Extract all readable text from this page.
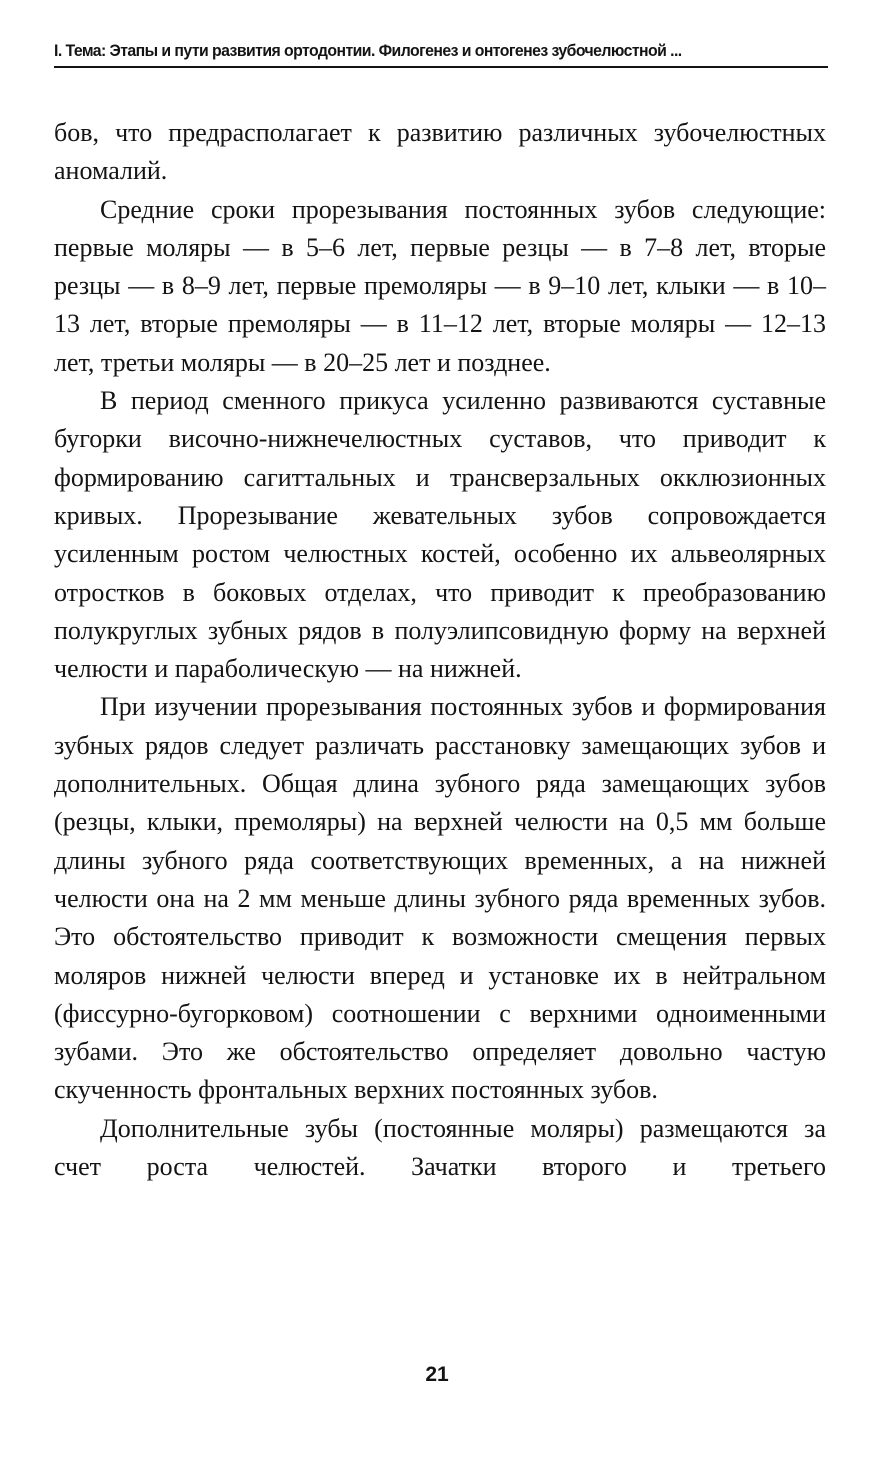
I. Тема: Этапы и пути развития ортодонтии. Филогенез и онтогенез зубочелюстной ...

бов, что предрасполагает к развитию различных зубочелюстных аномалий.

Средние сроки прорезывания постоянных зубов следующие: первые моляры — в 5–6 лет, первые резцы — в 7–8 лет, вторые резцы — в 8–9 лет, первые премоляры — в 9–10 лет, клыки — в 10–13 лет, вторые премоляры — в 11–12 лет, вторые моляры — 12–13 лет, третьи моляры — в 20–25 лет и позднее.

В период сменного прикуса усиленно развиваются суставные бугорки височно-нижнечелюстных суставов, что приводит к формированию сагиттальных и трансверзальных окклюзионных кривых. Прорезывание жевательных зубов сопровождается усиленным ростом челюстных костей, особенно их альвеолярных отростков в боковых отделах, что приводит к преобразованию полукруглых зубных рядов в полуэлипсовидную форму на верхней челюсти и параболическую — на нижней.

При изучении прорезывания постоянных зубов и формирования зубных рядов следует различать расстановку замещающих зубов и дополнительных. Общая длина зубного ряда замещающих зубов (резцы, клыки, премоляры) на верхней челюсти на 0,5 мм больше длины зубного ряда соответствующих временных, а на нижней челюсти она на 2 мм меньше длины зубного ряда временных зубов. Это обстоятельство приводит к возможности смещения первых моляров нижней челюсти вперед и установке их в нейтральном (фиссурно-бугорковом) соотношении с верхними одноименными зубами. Это же обстоятельство определяет довольно частую скученность фронтальных верхних постоянных зубов.

Дополнительные зубы (постоянные моляры) размещаются за счет роста челюстей. Зачатки второго и третьего

21
